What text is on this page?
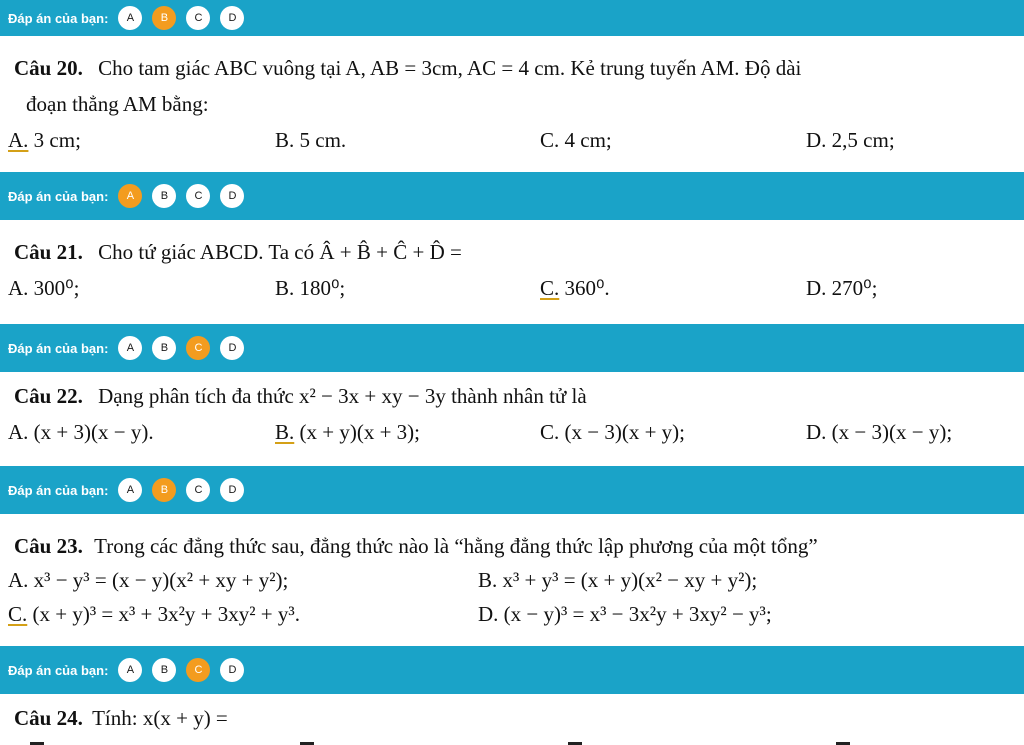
Đáp án của bạn:	A	B	C	D
Câu 20. Cho tam giác ABC vuông tại A, AB = 3cm, AC = 4 cm. Kẻ trung tuyến AM. Độ dài
đoạn thẳng AM bằng:
A. 3 cm;	B. 5 cm.	C. 4 cm;	D. 2,5 cm;
Đáp án của bạn:	A	B	C	D
Câu 21. Cho tứ giác ABCD. Ta có Â + B̂ + Ĉ + D̂ =
A. 300⁰;	B. 180⁰;	C. 360⁰.	D. 270⁰;
Đáp án của bạn:	A	B	C	D
Câu 22. Dạng phân tích đa thức x² − 3x + xy − 3y thành nhân tử là
A. (x + 3)(x − y).	B. (x + y)(x + 3);	C. (x − 3)(x + y);	D. (x − 3)(x − y);
Đáp án của bạn:	A	B	C	D
Câu 23. Trong các đẳng thức sau, đẳng thức nào là “hằng đẳng thức lập phương của một tổng”
A. x³ − y³ = (x − y)(x² + xy + y²);	B. x³ + y³ = (x + y)(x² − xy + y²);
C. (x + y)³ = x³ + 3x²y + 3xy² + y³.	D. (x − y)³ = x³ − 3x²y + 3xy² − y³;
Đáp án của bạn:	A	B	C	D
Câu 24. Tính: x(x + y) =
